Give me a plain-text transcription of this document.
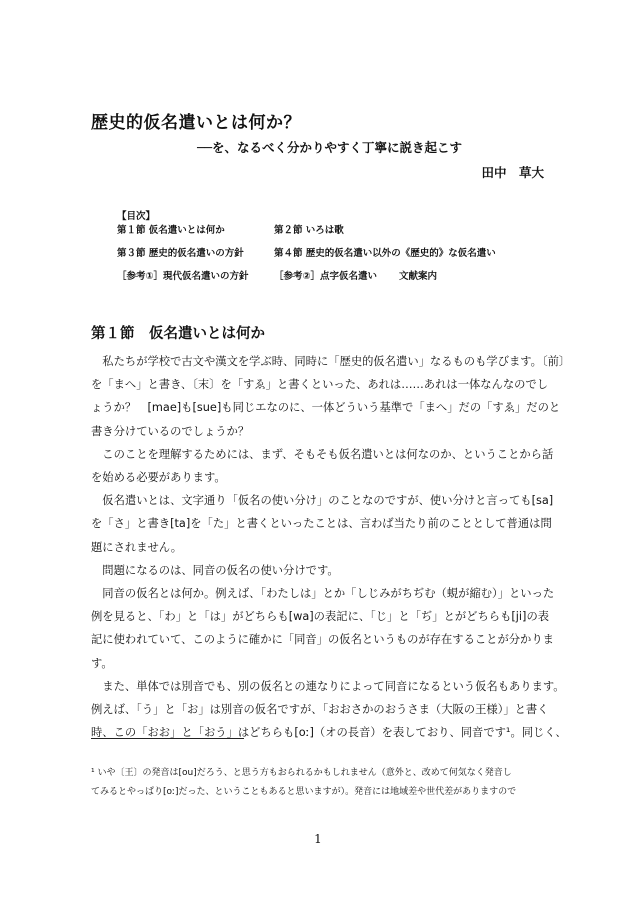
歴史的仮名遣いとは何か？
──を、なるべく分かりやすく丁寧に説き起こす
田中　草大
【目次】
第１節 仮名遣いとは何か	第２節 いろは歌
第３節 歴史的仮名遣いの方針	第４節 歴史的仮名遣い以外の《歴史的》な仮名遣い
［参考①］現代仮名遣いの方針	［参考②］点字仮名遣い 文献案内
第１節　仮名遣いとは何か

　私たちが学校で古文や漢文を学ぶ時、同時に「歴史的仮名遣い」なるものも学びます。〔前〕

を「まへ」と書き、〔末〕を「すゑ」と書くといった、あれは……あれは一体なんなのでし

ょうか？　[mae]も[sue]も同じエなのに、一体どういう基準で「まへ」だの「すゑ」だのと

書き分けているのでしょうか？

　このことを理解するためには、まず、そもそも仮名遣いとは何なのか、ということから話

を始める必要があります。

　仮名遣いとは、文字通り「仮名の使い分け」のことなのですが、使い分けと言っても[sa]

を「さ」と書き[ta]を「た」と書くといったことは、言わば当たり前のこととして普通は問

題にされません。

　問題になるのは、同音の仮名の使い分けです。

　同音の仮名とは何か。例えば、「わたしは」とか「しじみがちぢむ（蜆が縮む）」といった

例を見ると、「わ」と「は」がどちらも[wa]の表記に、「じ」と「ぢ」とがどちらも[ji]の表

記に使われていて、このように確かに「同音」の仮名というものが存在することが分かりま

す。

　また、単体では別音でも、別の仮名との連なりによって同音になるという仮名もあります。

例えば、「う」と「お」は別音の仮名ですが、「おおさかのおうさま（大阪の王様）」と書く

時、この「おお」と「おう」はどちらも[oː]（オの長音）を表しており、同音です¹。同じく、

¹ いや〔王〕の発音は[ou]だろう、と思う方もおられるかもしれません（意外と、改めて何気なく発音し

てみるとやっぱり[oː]だった、ということもあると思いますが）。発音には地域差や世代差がありますので

1
